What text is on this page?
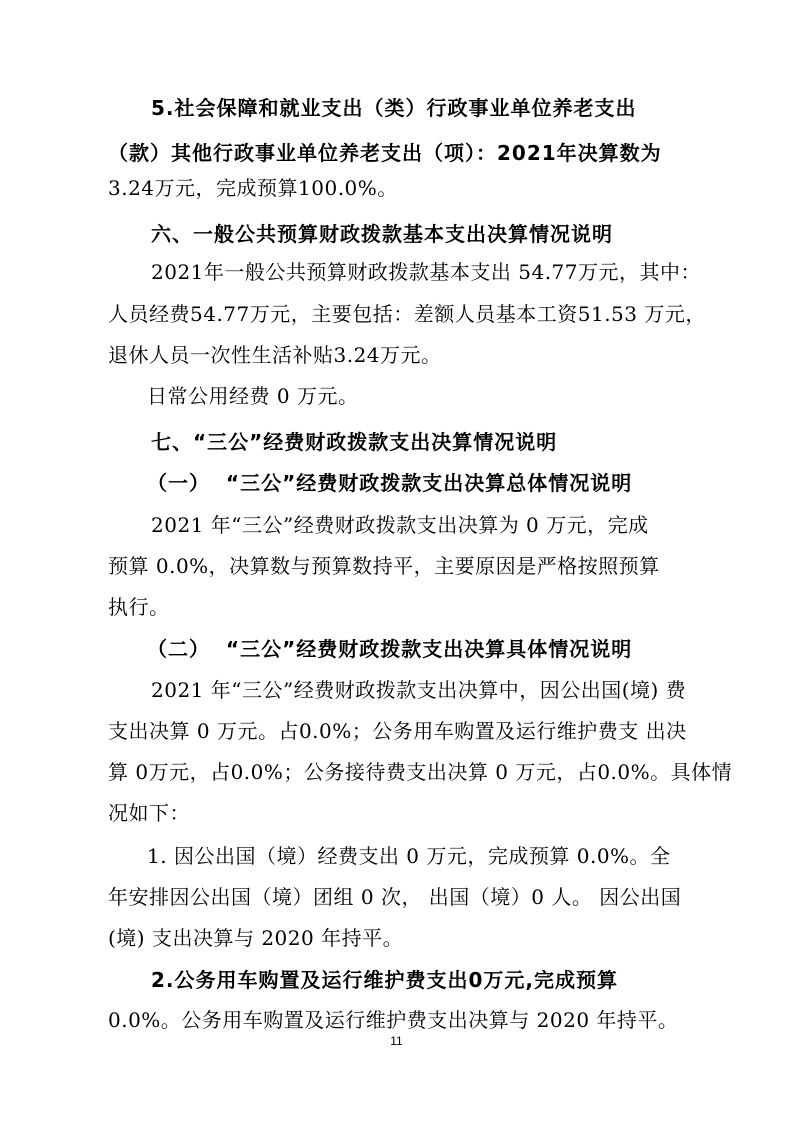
5.社会保障和就业支出（类）行政事业单位养老支出
（款）其他行政事业单位养老支出（项）：2021年决算数为
3.24万元，完成预算100.0%。
六、一般公共预算财政拨款基本支出决算情况说明
2021年一般公共预算财政拨款基本支出 54.77万元，其中：
人员经费54.77万元，主要包括：差额人员基本工资51.53 万元，
退休人员一次性生活补贴3.24万元。
日常公用经费 0 万元。
七、“三公”经费财政拨款支出决算情况说明
（一）  “三公”经费财政拨款支出决算总体情况说明
2021 年“三公”经费财政拨款支出决算为 0 万元，完成
预算 0.0%，决算数与预算数持平，主要原因是严格按照预算
执行。
（二）  “三公”经费财政拨款支出决算具体情况说明
2021 年“三公”经费财政拨款支出决算中，因公出国(境) 费
支出决算 0 万元。占0.0%；公务用车购置及运行维护费支 出决
算 0万元，占0.0%；公务接待费支出决算 0 万元，占0.0%。具体情
况如下：
1. 因公出国（境）经费支出 0 万元，完成预算 0.0%。全
年安排因公出国（境）团组 0 次， 出国（境）0 人。 因公出国
(境) 支出决算与 2020 年持平。
2.公务用车购置及运行维护费支出0万元,完成预算
0.0%。公务用车购置及运行维护费支出决算与 2020 年持平。
11
